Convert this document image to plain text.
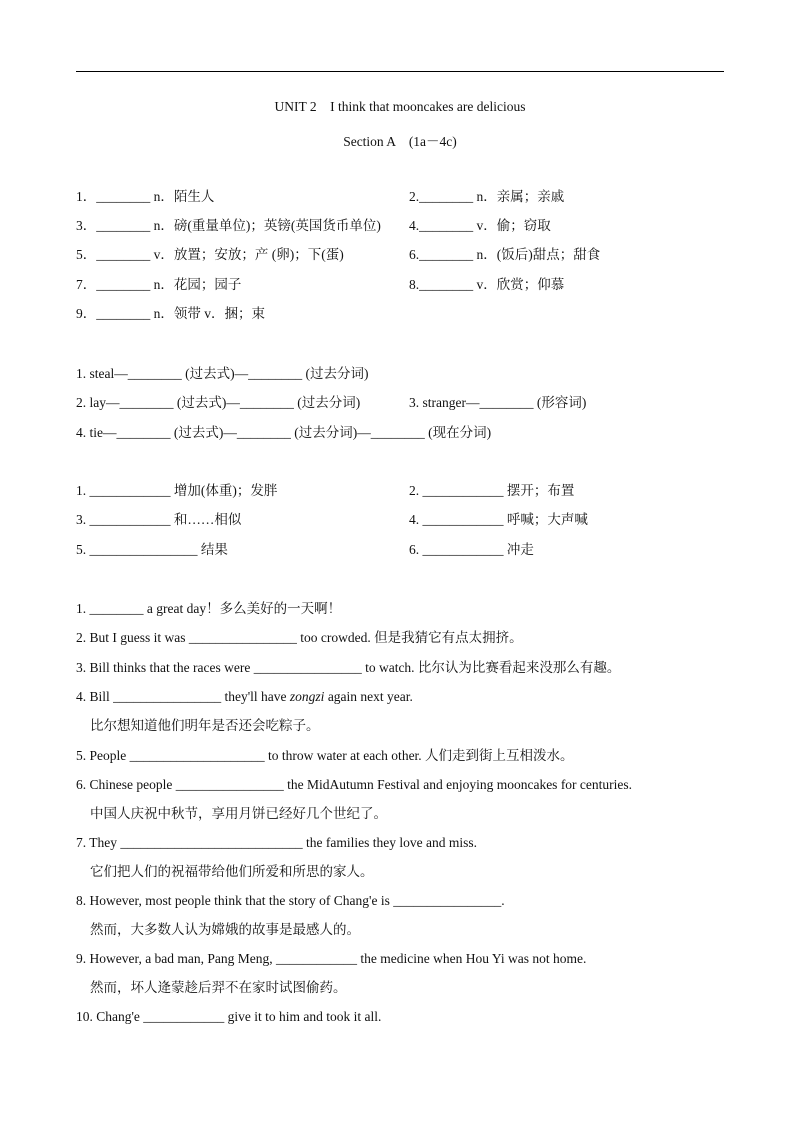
UNIT 2    I think that mooncakes are delicious
Section A    (1a－4c)
1．________ n．陌生人	2.________ n．亲属；亲戚
3．________ n．磅(重量单位)；英镑(英国货币单位) 4.________ v．偷；窃取
5．________ v．放置；安放；产 (卵)；下(蛋)	6.________ n．(饭后)甜点；甜食
7．________ n．花园；园子	8.________ v．欣赏；仰慕
9．________ n．领带 v．捆；束
1. steal—________ (过去式)—________ (过去分词)
2. lay—________ (过去式)—________ (过去分词)	3. stranger—________ (形容词)
4. tie—________ (过去式)—________ (过去分词)—________ (现在分词)
1. ____________ 增加(体重)；发胖	2. ____________ 摆开；布置
3. ____________ 和……相似	4. ____________ 呼喊；大声喊
5. ________________ 结果	6. ____________ 冲走
1. ________ a great day！多么美好的一天啊！
2. But I guess it was ________________ too crowded. 但是我猜它有点太拥挤。
3. Bill thinks that the races were ________________ to watch. 比尔认为比赛看起来没那么有趣。
4. Bill ________________ they'll have zongzi again next year.
比尔想知道他们明年是否还会吃粽子。
5. People ____________________ to throw water at each other. 人们走到街上互相泼水。
6. Chinese people ________________ the MidAutumn Festival and enjoying mooncakes for centuries.
中国人庆祝中秋节，享用月饼已经好几个世纪了。
7. They ___________________________ the families they love and miss.
它们把人们的祝福带给他们所爱和所思的家人。
8. However, most people think that the story of Chang'e is ________________.
然而，大多数人认为嫦娥的故事是最感人的。
9. However, a bad man, Pang Meng, ____________ the medicine when Hou Yi was not home.
然而，坏人逄蒙趁后羿不在家时试图偷药。
10. Chang'e ____________ give it to him and took it all.
